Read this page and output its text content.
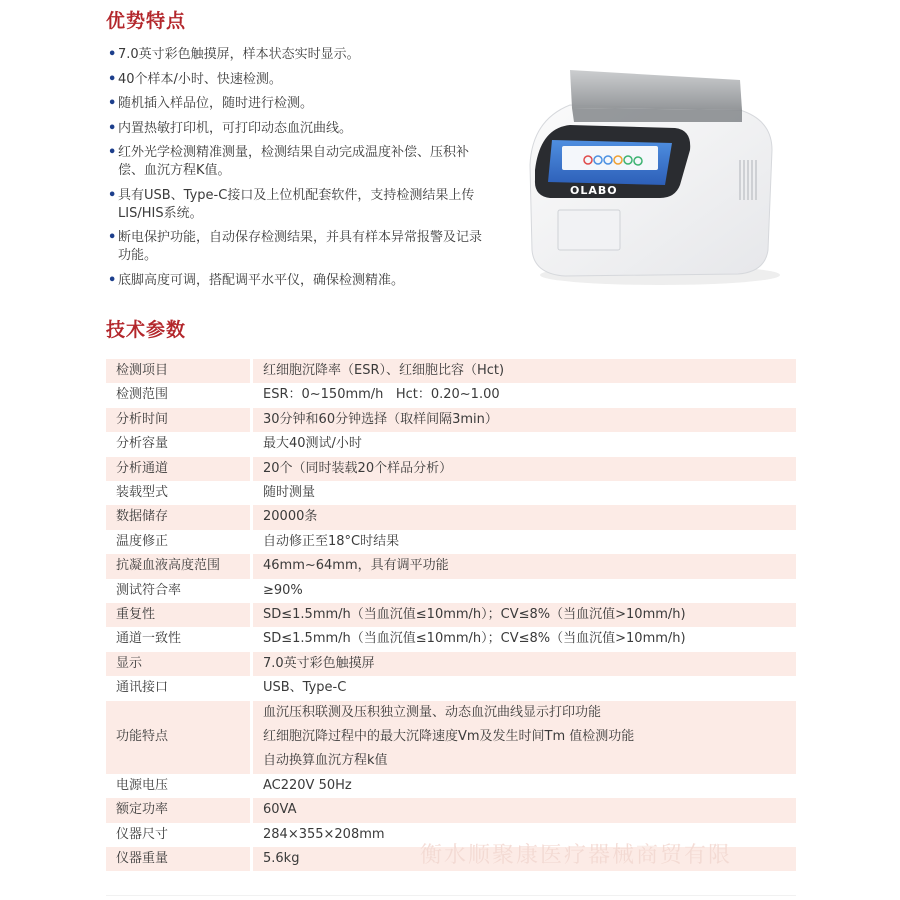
优势特点
• 7.0英寸彩色触摸屏，样本状态实时显示。
• 40个样本/小时、快速检测。
• 随机插入样品位，随时进行检测。
• 内置热敏打印机，可打印动态血沉曲线。
• 红外光学检测精准测量，检测结果自动完成温度补偿、压积补偿、血沉方程K值。
• 具有USB、Type-C接口及上位机配套软件，支持检测结果上传LIS/HIS系统。
• 断电保护功能，自动保存检测结果，并具有样本异常报警及记录功能。
• 底脚高度可调，搭配调平水平仪，确保检测精准。
OLABO
技术参数
检测项目	红细胞沉降率（ESR）、红细胞比容（Hct)
检测范围	ESR：0~150mm/h   Hct：0.20~1.00
分析时间	30分钟和60分钟选择（取样间隔3min）
分析容量	最大40测试/小时
分析通道	20个（同时装载20个样品分析）
装载型式	随时测量
数据储存	20000条
温度修正	自动修正至18°C时结果
抗凝血液高度范围	46mm~64mm，具有调平功能
测试符合率	≥90%
重复性	SD≤1.5mm/h（当血沉值≤10mm/h）；CV≤8%（当血沉值>10mm/h)
通道一致性	SD≤1.5mm/h（当血沉值≤10mm/h）；CV≤8%（当血沉值>10mm/h)
显示	7.0英寸彩色触摸屏
通讯接口	USB、Type-C
功能特点	血沉压积联测及压积独立测量、动态血沉曲线显示打印功能
红细胞沉降过程中的最大沉降速度Vm及发生时间Tm 值检测功能
自动换算血沉方程k值

电源电压	AC220V 50Hz
额定功率	60VA
仪器尺寸	284×355×208mm
仪器重量	5.6kg	衡水顺聚康医疗器械商贸有限
